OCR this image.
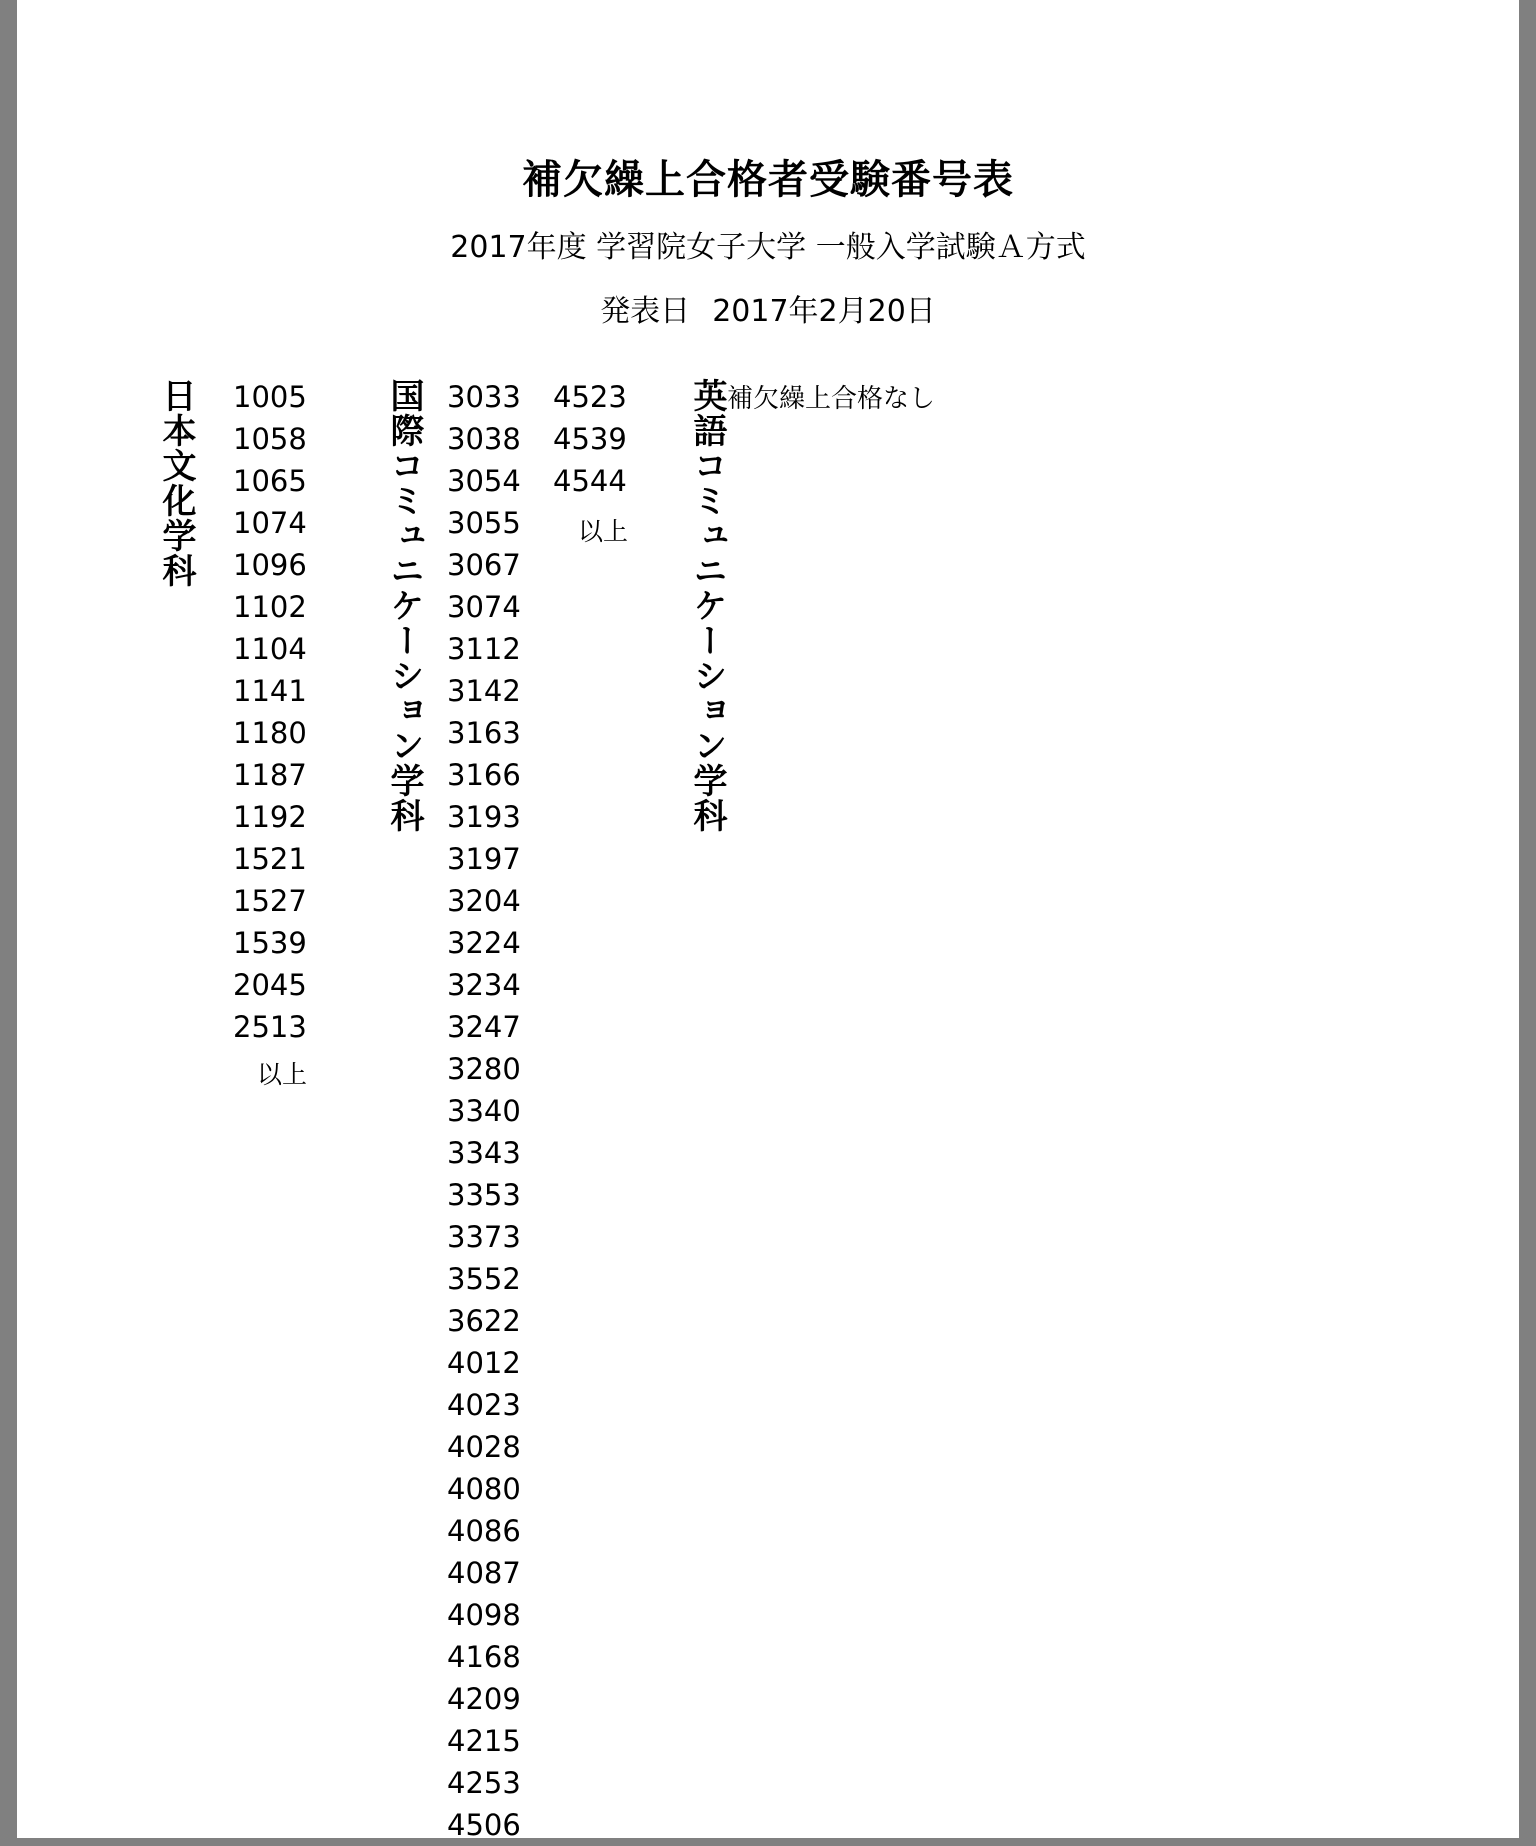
補欠繰上合格者受験番号表
2017年度 学習院女子大学 一般入学試験Ａ方式
発表日 2017年2月20日
日本文化学科 1005
1058
1065
1074
1096
1102
1104
1141
1180
1187
1192
1521
1527
1539
2045
2513
以上
国際コミュニケーション学科 3033
3038
3054
3055
3067
3074
3112
3142
3163
3166
3193
3197
3204
3224
3234
3247
3280
3340
3343
3353
3373
3552
3622
4012
4023
4028
4080
4086
4087
4098
4168
4209
4215
4253
4506
4523
4539
4544
以上 英語コミュニケーション学科 補欠繰上合格なし
